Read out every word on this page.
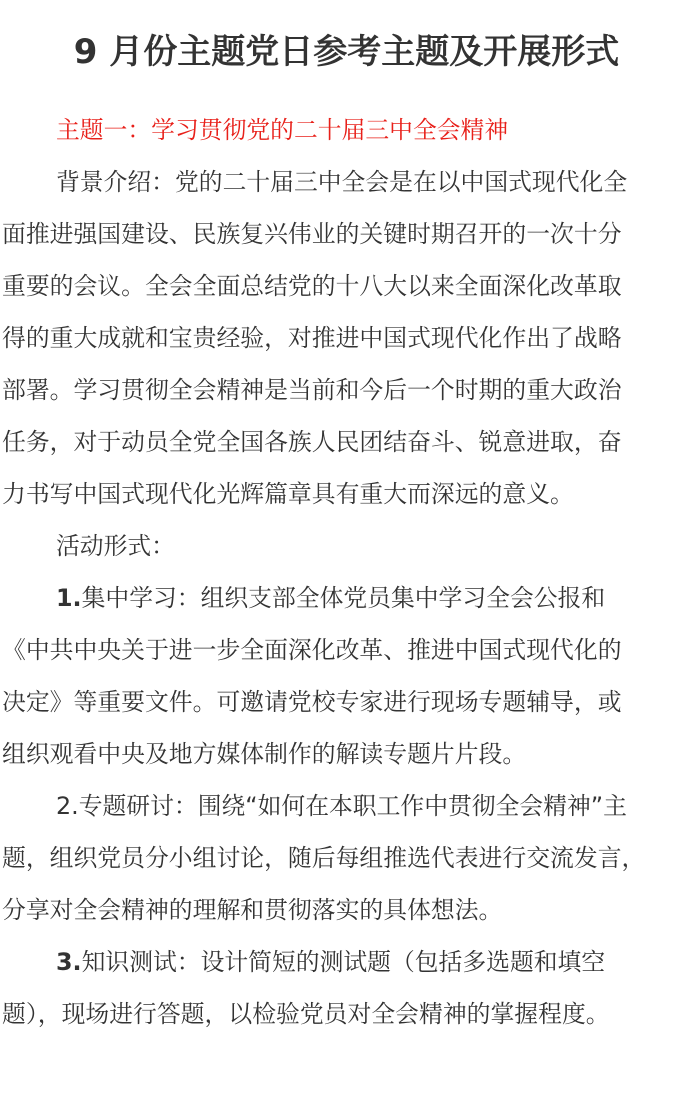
9 月份主题党日参考主题及开展形式
主题一：学习贯彻党的二十届三中全会精神
背景介绍：党的二十届三中全会是在以中国式现代化全
面推进强国建设、民族复兴伟业的关键时期召开的一次十分
重要的会议。全会全面总结党的十八大以来全面深化改革取
得的重大成就和宝贵经验，对推进中国式现代化作出了战略
部署。学习贯彻全会精神是当前和今后一个时期的重大政治
任务，对于动员全党全国各族人民团结奋斗、锐意进取，奋
力书写中国式现代化光辉篇章具有重大而深远的意义。
活动形式：
1.集中学习：组织支部全体党员集中学习全会公报和
《中共中央关于进一步全面深化改革、推进中国式现代化的
决定》等重要文件。可邀请党校专家进行现场专题辅导，或
组织观看中央及地方媒体制作的解读专题片片段。
2.专题研讨：围绕“如何在本职工作中贯彻全会精神”主
题，组织党员分小组讨论，随后每组推选代表进行交流发言，
分享对全会精神的理解和贯彻落实的具体想法。
3.知识测试：设计简短的测试题（包括多选题和填空
题），现场进行答题，以检验党员对全会精神的掌握程度。
